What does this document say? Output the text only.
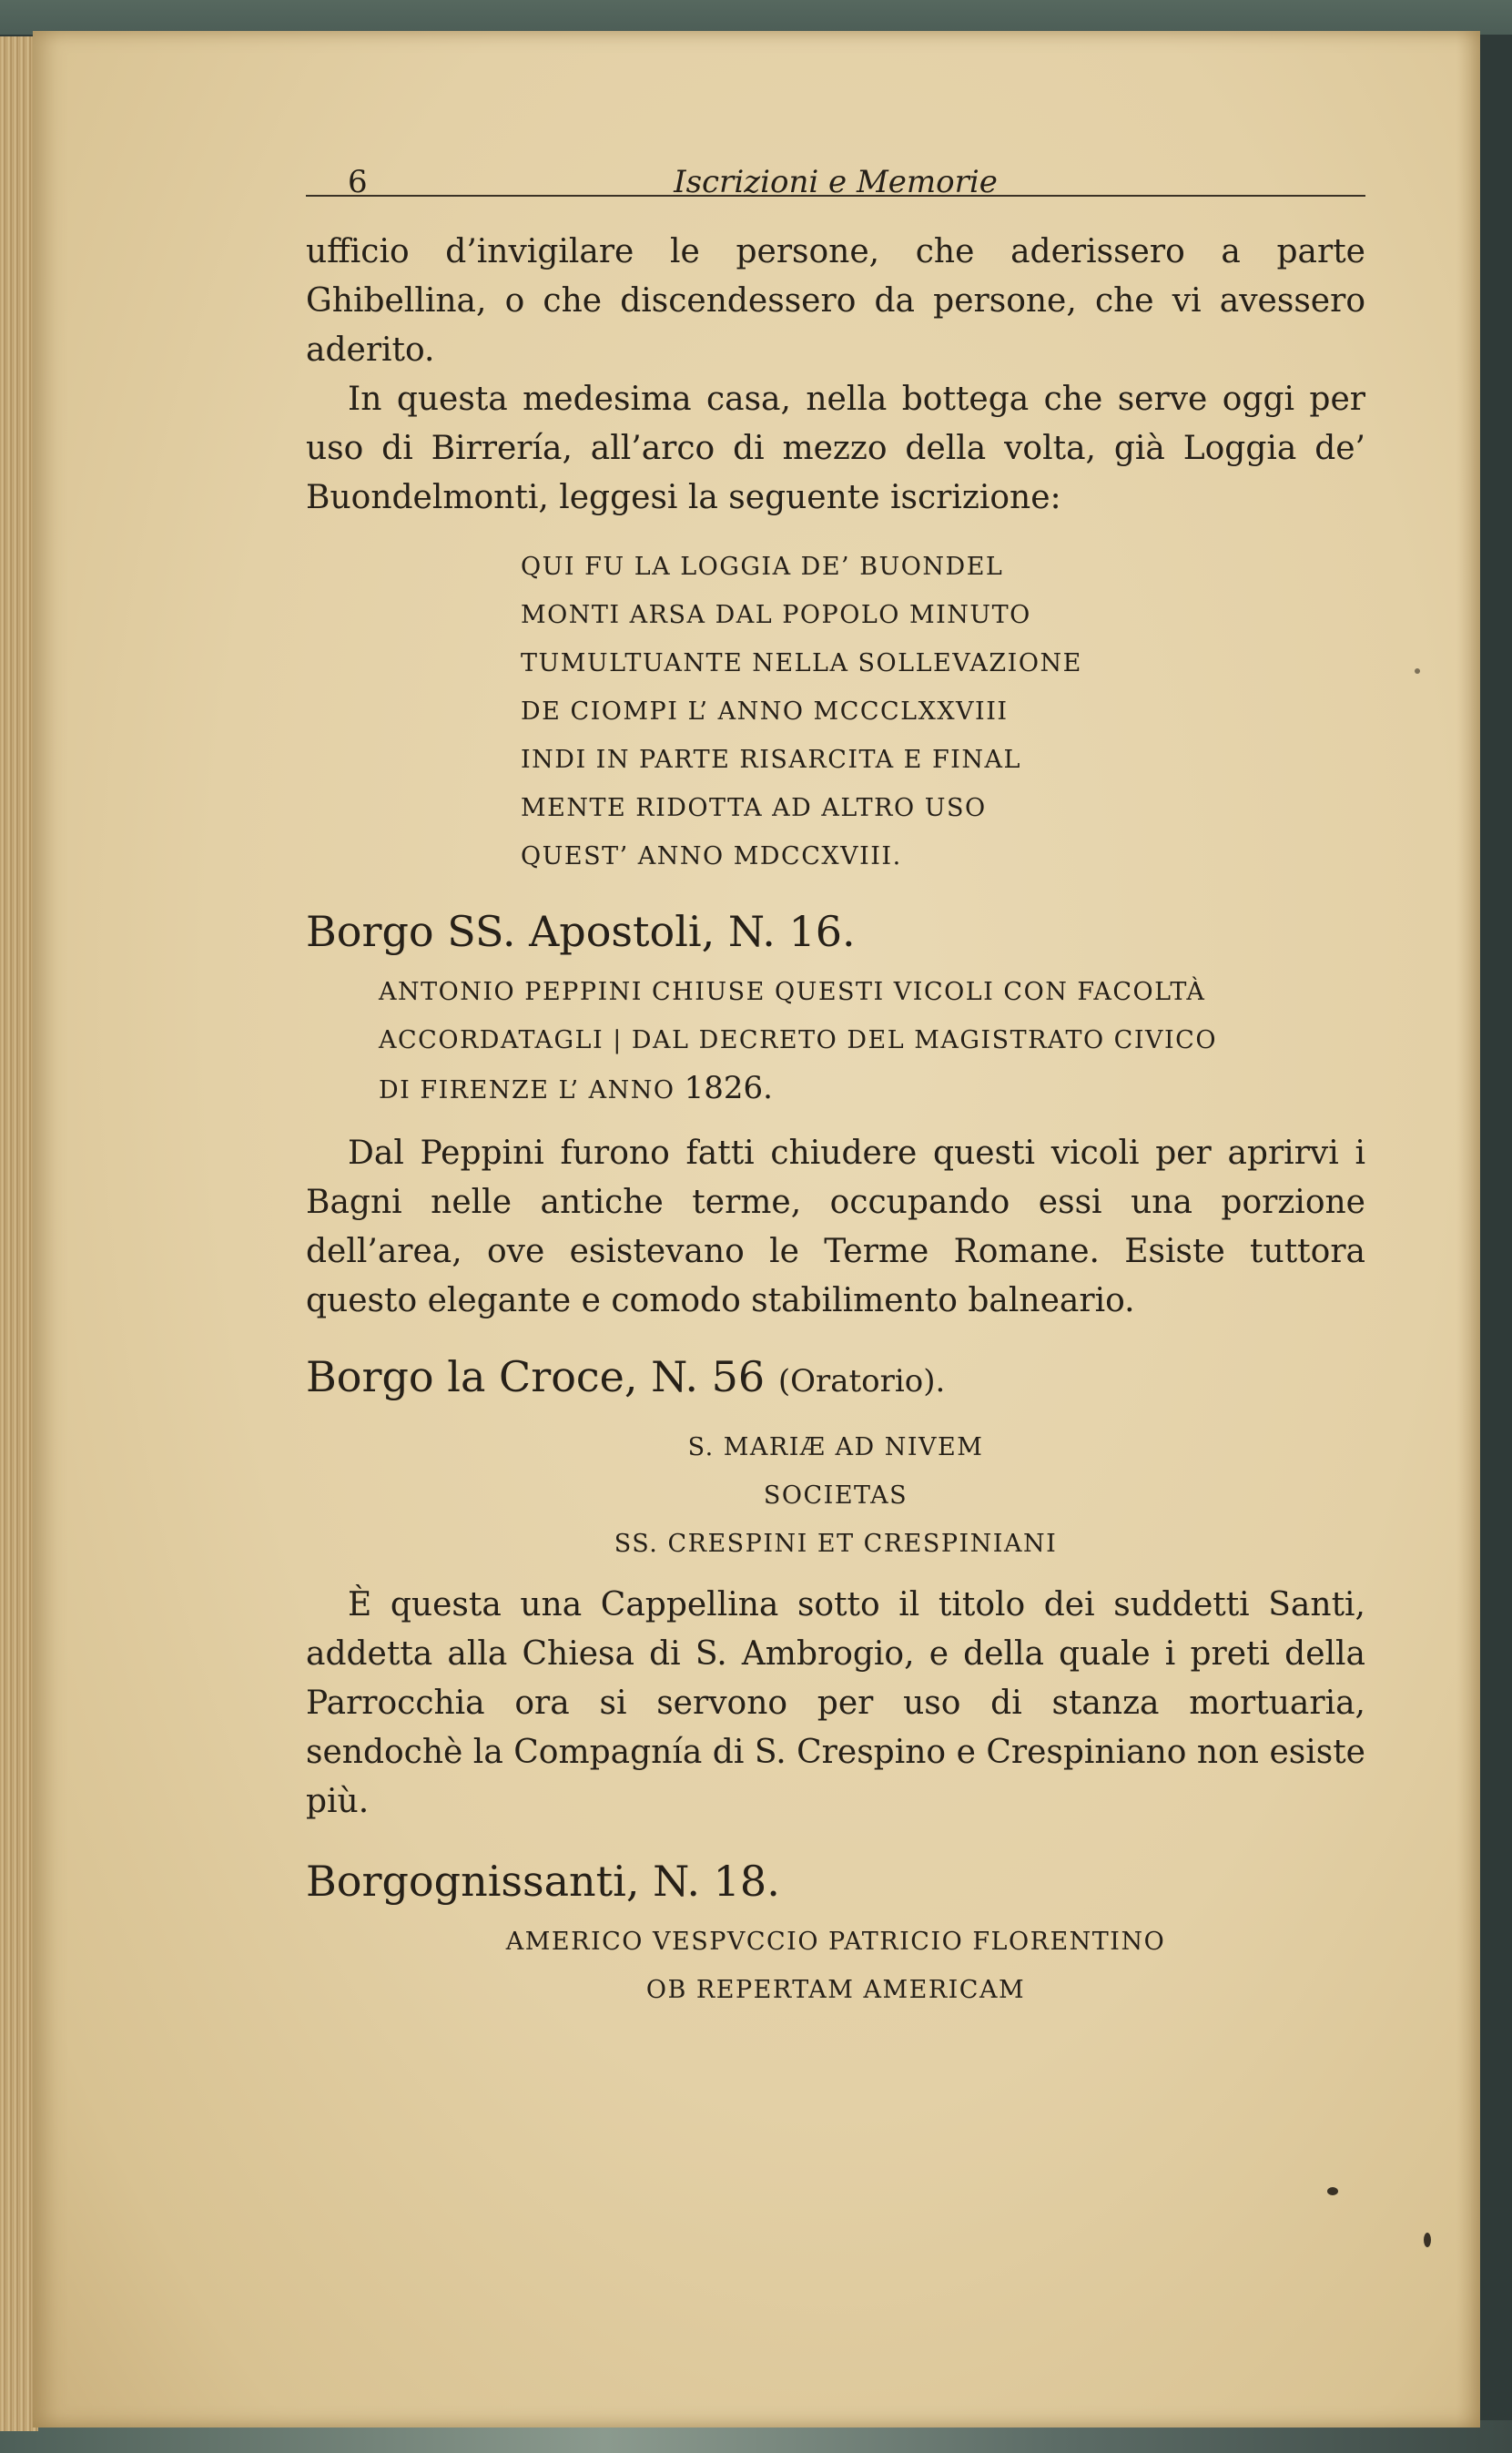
6	Iscrizioni e Memorie

ufficio d’invigilare le persone, che aderissero a parte Ghibellina, o che discendessero da persone, che vi avessero aderito.

In questa medesima casa, nella bottega che serve oggi per uso di Birrería, all’arco di mezzo della volta, già Loggia de’ Buondelmonti, leggesi la seguente iscrizione:

QUI FU LA LOGGIA DE’ BUONDEL
MONTI ARSA DAL POPOLO MINUTO
TUMULTUANTE NELLA SOLLEVAZIONE
DE CIOMPI L’ ANNO MCCCLXXVIII
INDI IN PARTE RISARCITA E FINAL
MENTE RIDOTTA AD ALTRO USO
QUEST’ ANNO MDCCXVIII.
Borgo SS. Apostoli, N. 16.
ANTONIO PEPPINI CHIUSE QUESTI VICOLI CON FACOLTÀ
ACCORDATAGLI | DAL DECRETO DEL MAGISTRATO CIVICO
DI FIRENZE L’ ANNO 1826.

Dal Peppini furono fatti chiudere questi vicoli per aprirvi i Bagni nelle antiche terme, occupando essi una porzione dell’area, ove esistevano le Terme Romane. Esiste tuttora questo elegante e comodo stabilimento balneario.

Borgo la Croce, N. 56 (Oratorio).
S. MARIÆ AD NIVEM
SOCIETAS
SS. CRESPINI ET CRESPINIANI

È questa una Cappellina sotto il titolo dei suddetti Santi, addetta alla Chiesa di S. Ambrogio, e della quale i preti della Parrocchia ora si servono per uso di stanza mortuaria, sendochè la Compagnía di S. Crespino e Crespiniano non esiste più.

Borgognissanti, N. 18.
AMERICO VESPVCCIO PATRICIO FLORENTINO
OB REPERTAM AMERICAM
